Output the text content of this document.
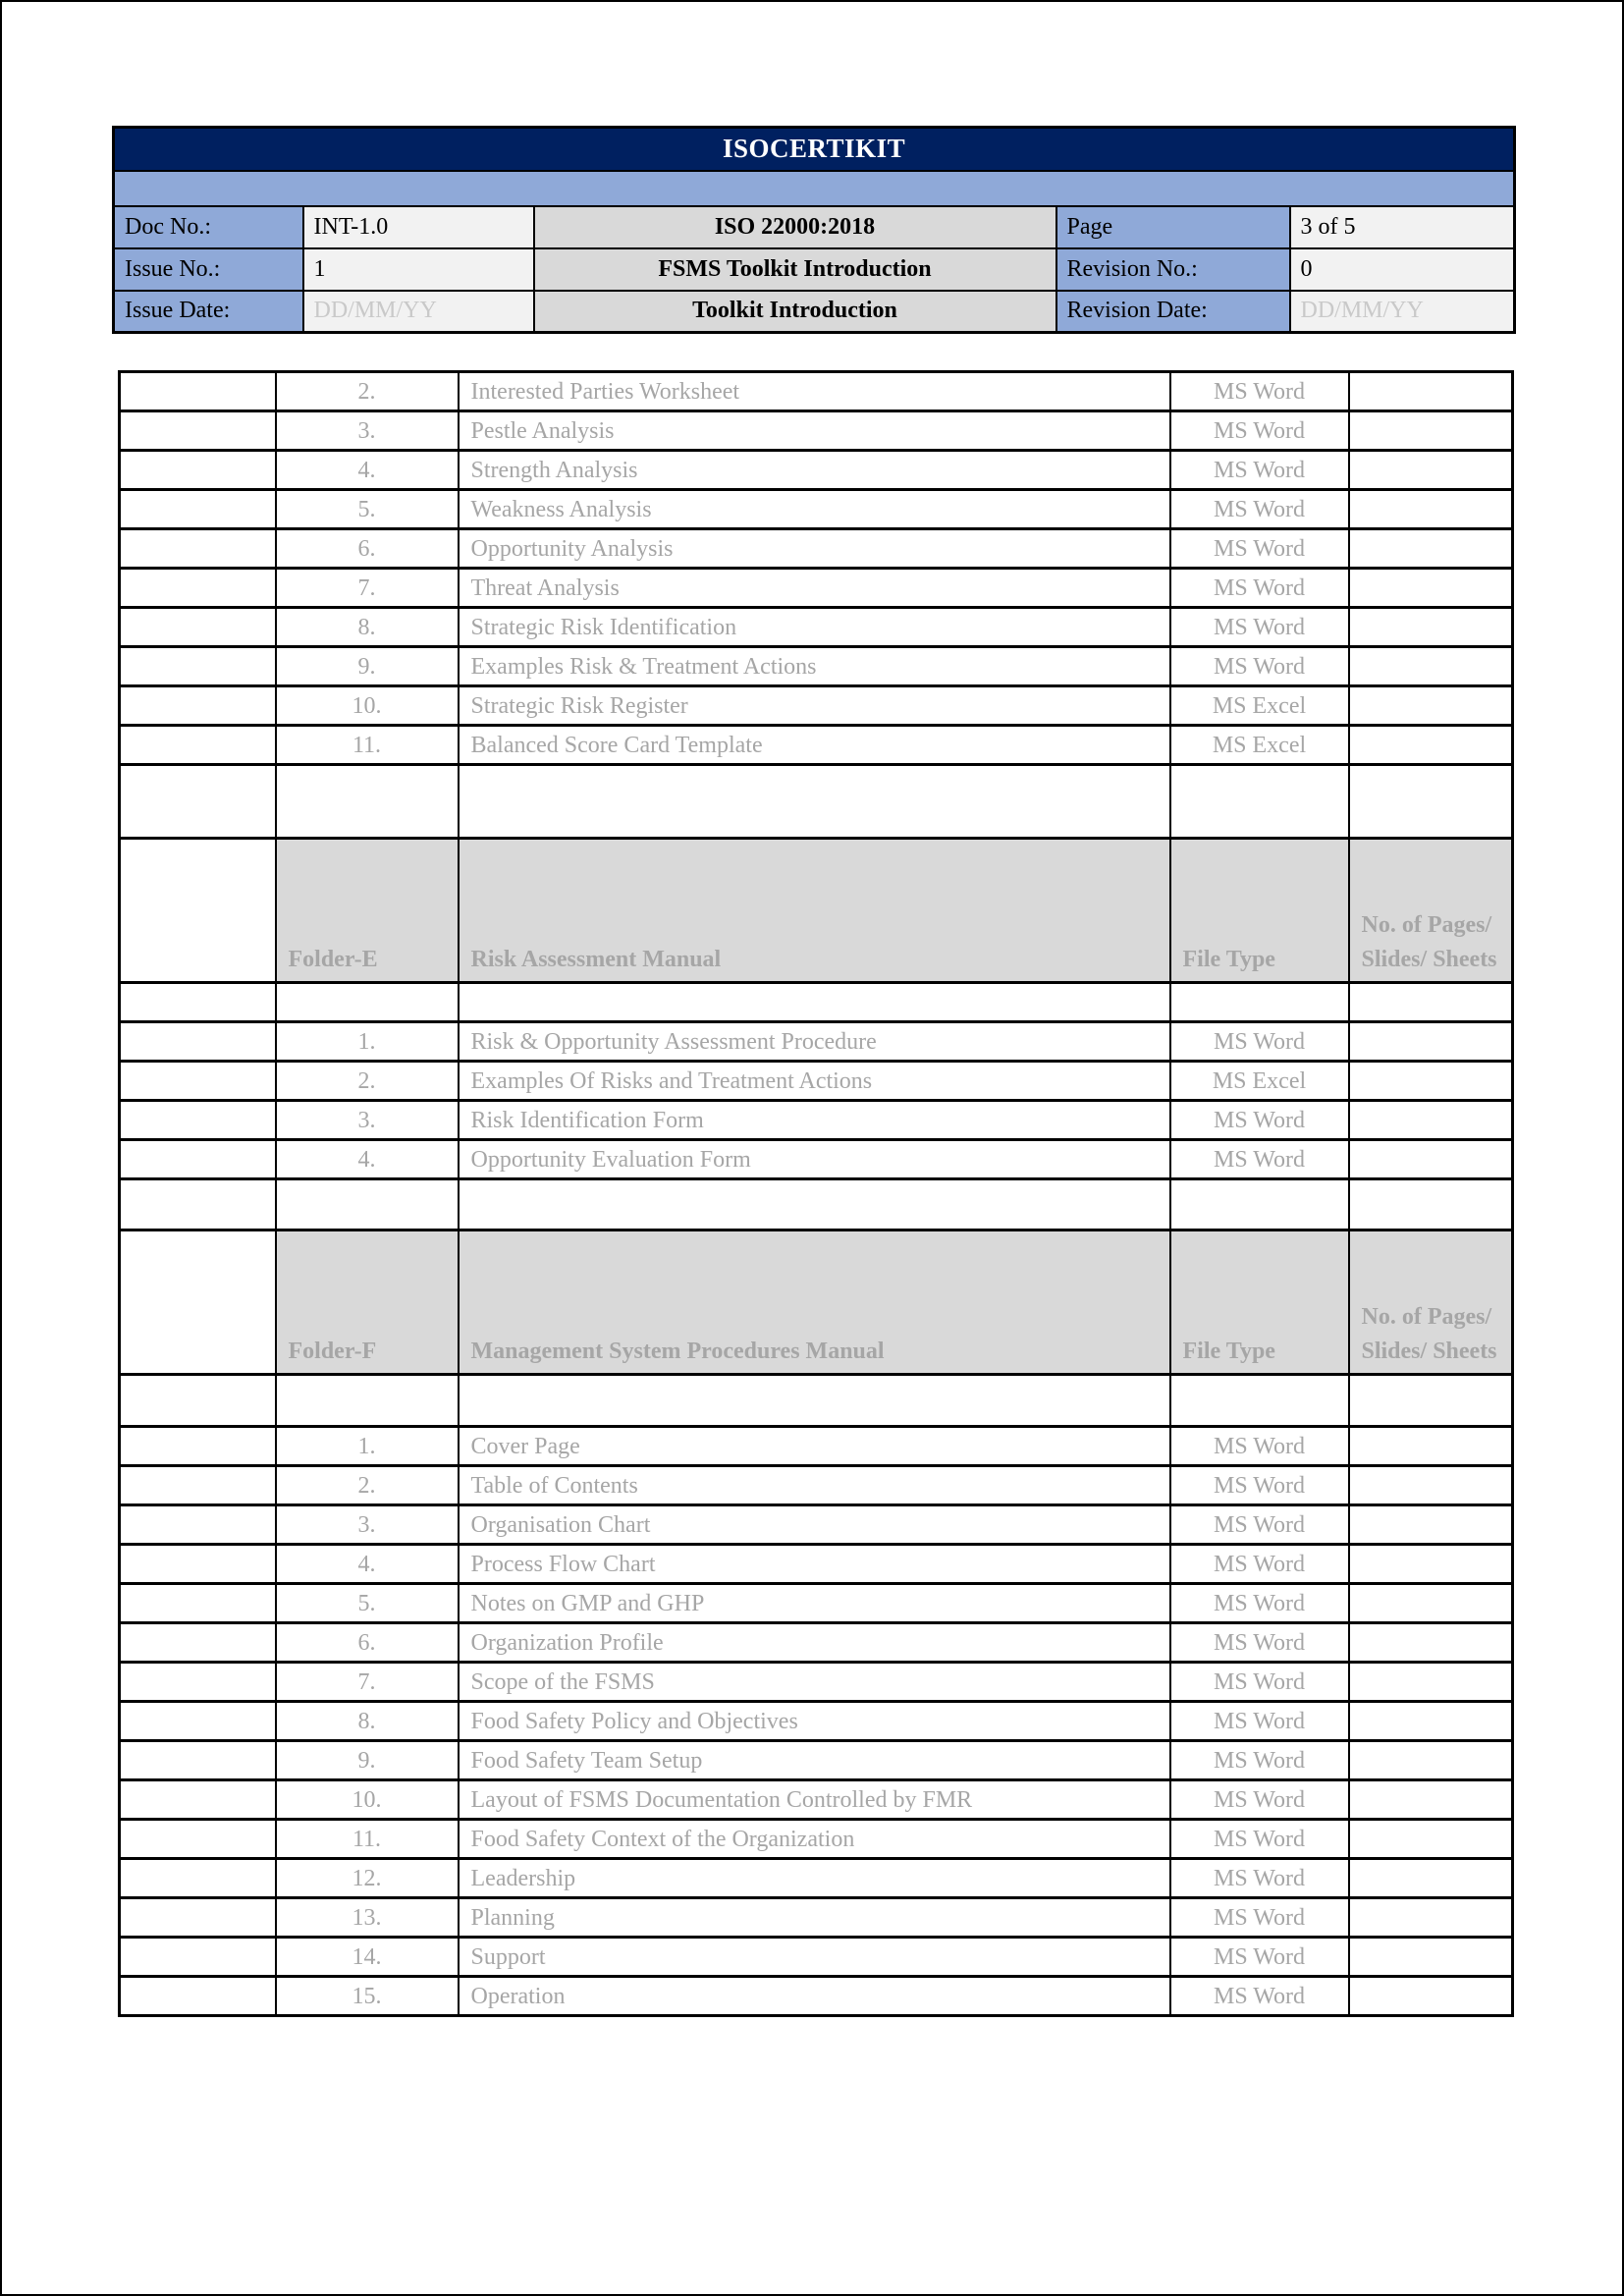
ISOCERTIKIT				

Doc No.:	INT-1.0	ISO 22000:2018	Page	3 of 5
Issue No.:	1	FSMS Toolkit Introduction	Revision No.:	0
Issue Date:	DD/MM/YY	Toolkit Introduction	Revision Date:	DD/MM/YY
	2.	Interested Parties Worksheet	MS Word	
	3.	Pestle Analysis	MS Word	
	4.	Strength Analysis	MS Word	
	5.	Weakness Analysis	MS Word	
	6.	Opportunity Analysis	MS Word	
	7.	Threat Analysis	MS Word	
	8.	Strategic Risk Identification	MS Word	
	9.	Examples Risk & Treatment Actions	MS Word	
	10.	Strategic Risk Register	MS Excel	
	11.	Balanced Score Card Template	MS Excel	

	Folder-E	Risk Assessment Manual	File Type	No. of Pages/ Slides/ Sheets

	1.	Risk & Opportunity Assessment Procedure	MS Word	
	2.	Examples Of Risks and Treatment Actions	MS Excel	
	3.	Risk Identification Form	MS Word	
	4.	Opportunity Evaluation Form	MS Word	

	Folder-F	Management System Procedures Manual	File Type	No. of Pages/ Slides/ Sheets

	1.	Cover Page	MS Word	
	2.	Table of Contents	MS Word	
	3.	Organisation Chart	MS Word	
	4.	Process Flow Chart	MS Word	
	5.	Notes on GMP and GHP	MS Word	
	6.	Organization Profile	MS Word	
	7.	Scope of the FSMS	MS Word	
	8.	Food Safety Policy and Objectives	MS Word	
	9.	Food Safety Team Setup	MS Word	
	10.	Layout of FSMS Documentation Controlled by FMR	MS Word	
	11.	Food Safety Context of the Organization	MS Word	
	12.	Leadership	MS Word	
	13.	Planning	MS Word	
	14.	Support	MS Word	
	15.	Operation	MS Word	
